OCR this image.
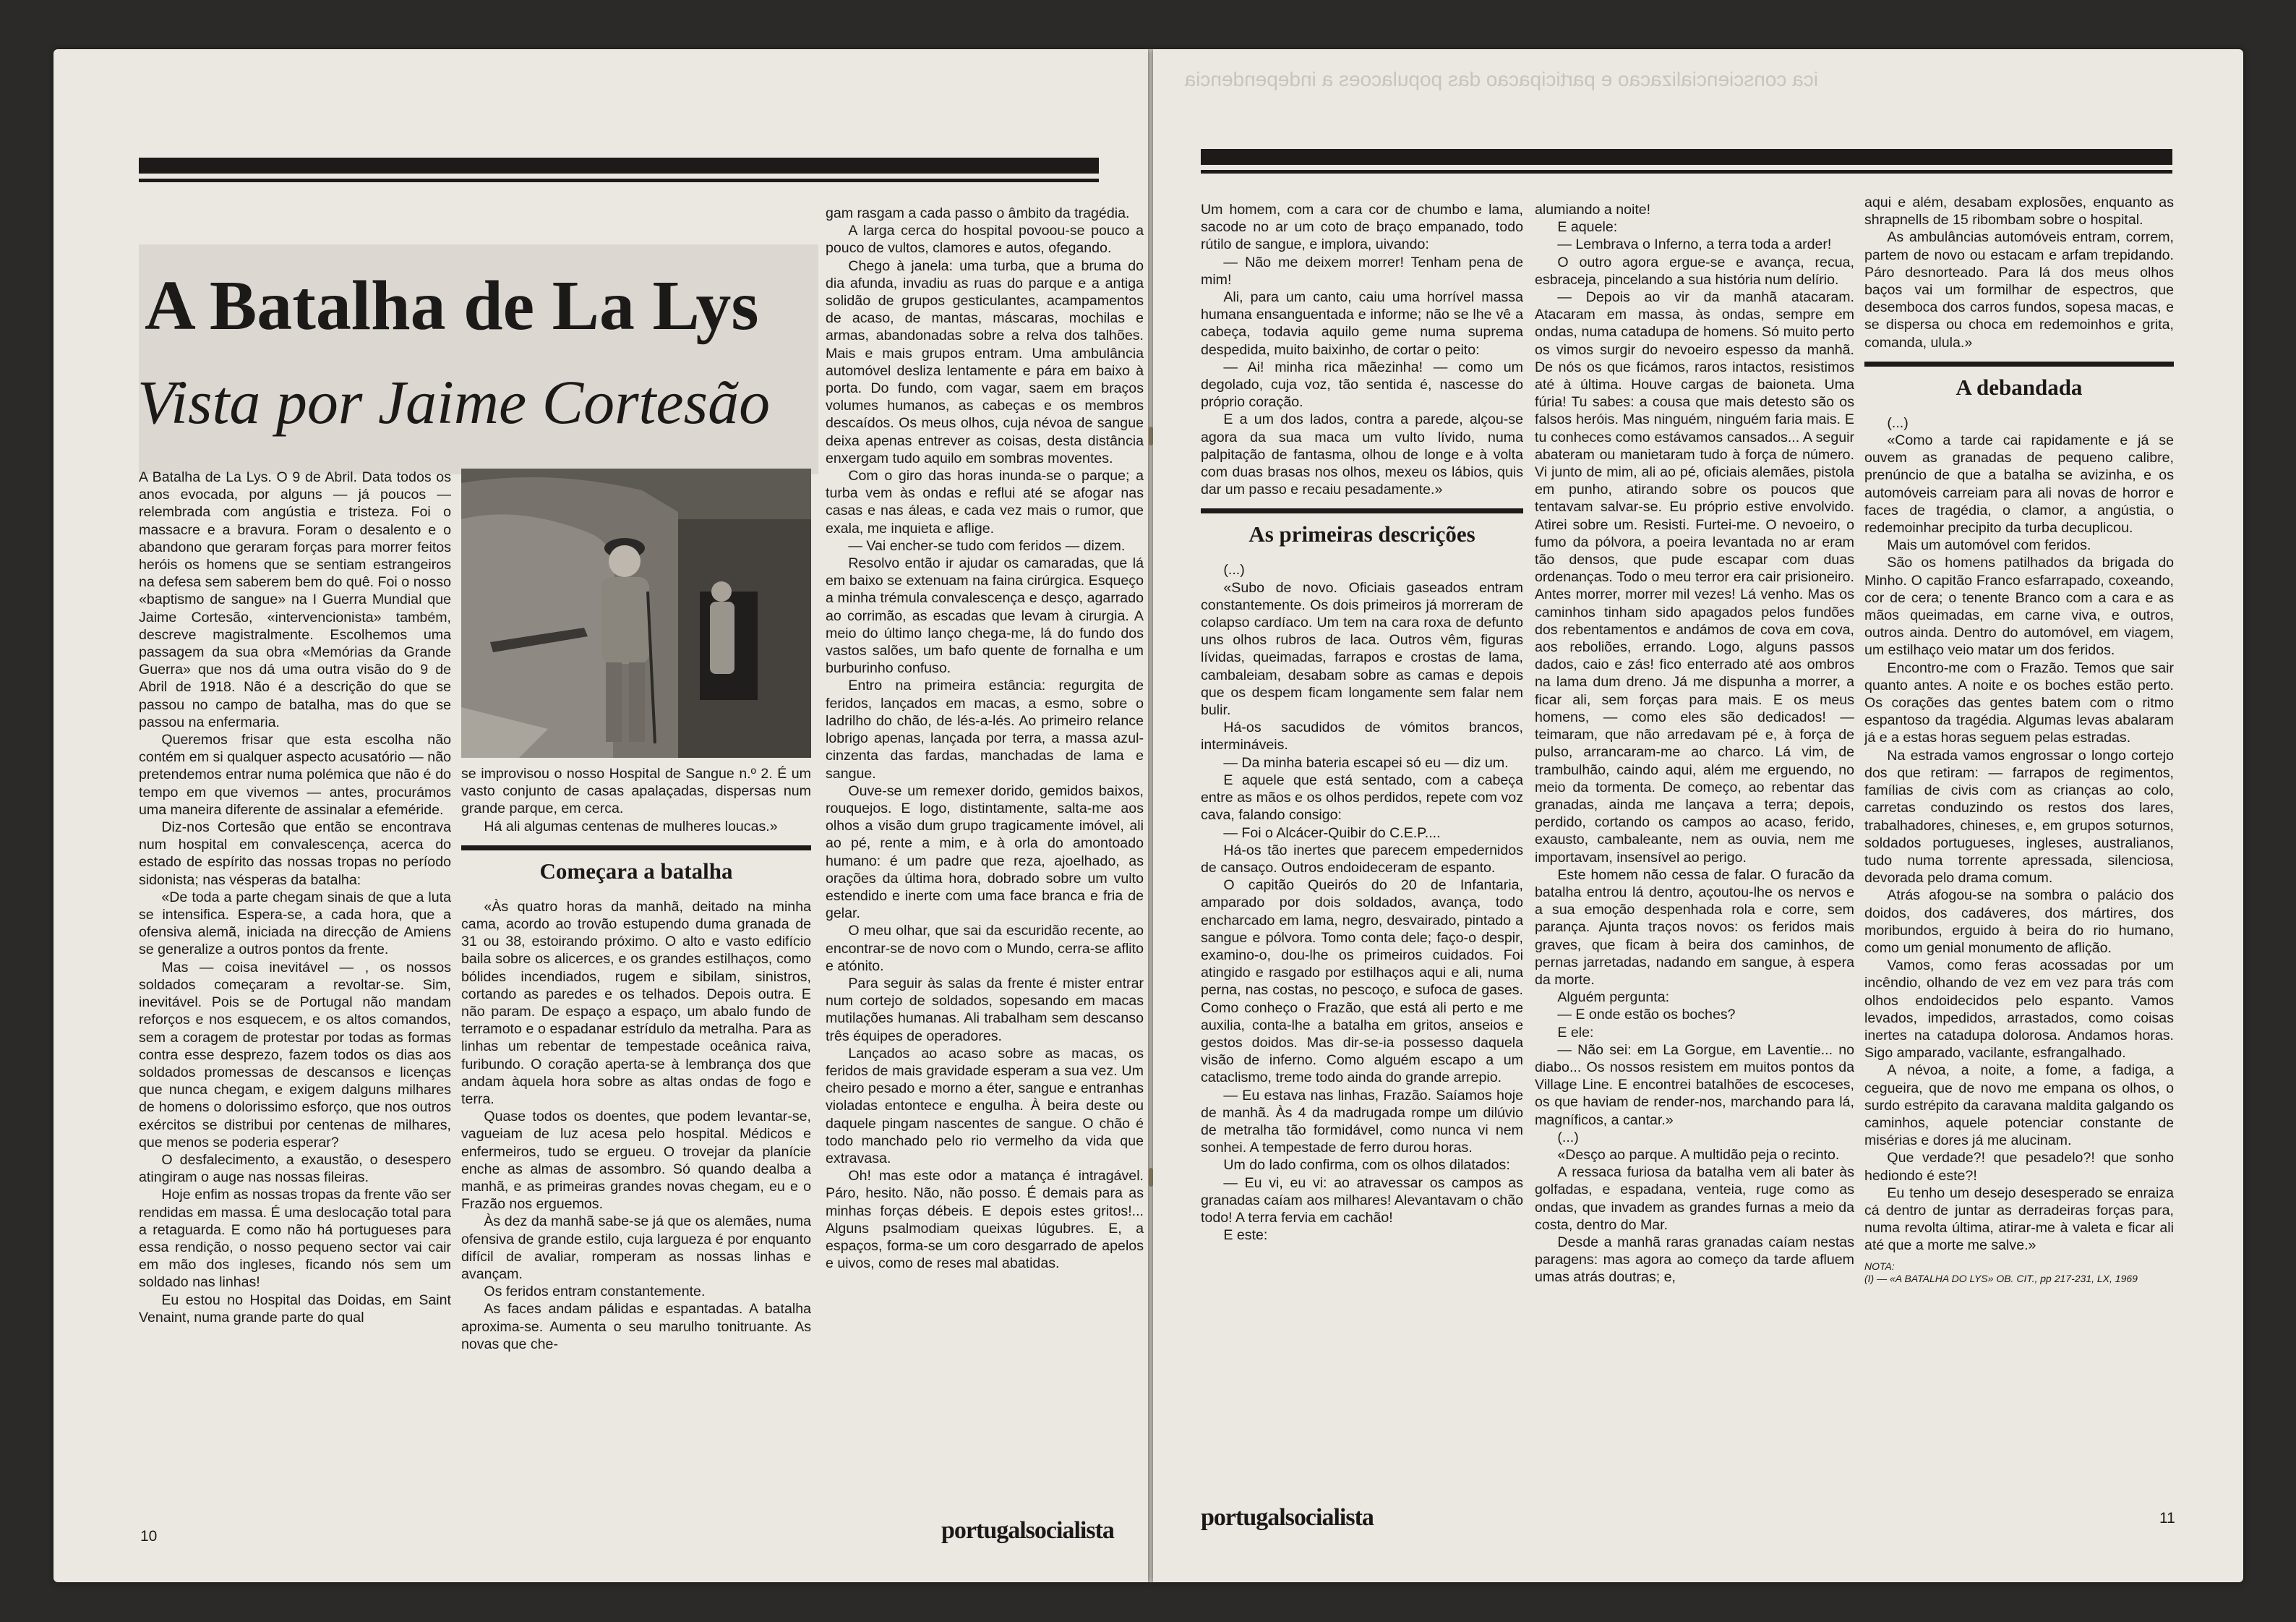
A Batalha de La Lys
Vista por Jaime Cortesão

A Batalha de La Lys. O 9 de Abril. Data todos os anos evocada, por alguns — já poucos — relembrada com angústia e tristeza. Foi o massacre e a bravura. Foram o desalento e o abandono que geraram forças para morrer feitos heróis os homens que se sentiam estrangeiros na defesa sem saberem bem do quê. Foi o nosso «baptismo de sangue» na I Guerra Mundial que Jaime Cortesão, «intervencionista» também, descreve magistralmente. Escolhemos uma passagem da sua obra «Memórias da Grande Guerra» que nos dá uma outra visão do 9 de Abril de 1918. Não é a descrição do que se passou no campo de batalha, mas do que se passou na enfermaria.

Queremos frisar que esta escolha não contém em si qualquer aspecto acusatório — não pretendemos entrar numa polémica que não é do tempo em que vivemos — antes, procurámos uma maneira diferente de assinalar a efeméride.

Diz-nos Cortesão que então se encontrava num hospital em convalescença, acerca do estado de espírito das nossas tropas no período sidonista; nas vésperas da batalha:

«De toda a parte chegam sinais de que a luta se intensifica. Espera-se, a cada hora, que a ofensiva alemã, iniciada na direcção de Amiens se generalize a outros pontos da frente.

Mas — coisa inevitável — , os nossos soldados começaram a revoltar-se. Sim, inevitável. Pois se de Portugal não mandam reforços e nos esquecem, e os altos comandos, sem a coragem de protestar por todas as formas contra esse desprezo, fazem todos os dias aos soldados promessas de descansos e licenças que nunca chegam, e exigem dalguns milhares de homens o dolorissimo esforço, que nos outros exércitos se distribui por centenas de milhares, que menos se poderia esperar?

O desfalecimento, a exaustão, o desespero atingiram o auge nas nossas fileiras.

Hoje enfim as nossas tropas da frente vão ser rendidas em massa. É uma deslocação total para a retaguarda. E como não há portugueses para essa rendição, o nosso pequeno sector vai cair em mão dos ingleses, ficando nós sem um soldado nas linhas!

Eu estou no Hospital das Doidas, em Saint Venaint, numa grande parte do qual

se improvisou o nosso Hospital de Sangue n.º 2. É um vasto conjunto de casas apalaçadas, dispersas num grande parque, em cerca.

Há ali algumas centenas de mulheres loucas.»

Começara a batalha

«Às quatro horas da manhã, deitado na minha cama, acordo ao trovão estupendo duma granada de 31 ou 38, estoirando próximo. O alto e vasto edifício baila sobre os alicerces, e os grandes estilhaços, como bólides incendiados, rugem e sibilam, sinistros, cortando as paredes e os telhados. Depois outra. E não param. De espaço a espaço, um abalo fundo de terramoto e o espadanar estrídulo da metralha. Para as linhas um rebentar de tempestade oceânica raiva, furibundo. O coração aperta-se à lembrança dos que andam àquela hora sobre as altas ondas de fogo e terra.

Quase todos os doentes, que podem levantar-se, vagueiam de luz acesa pelo hospital. Médicos e enfermeiros, tudo se ergueu. O trovejar da planície enche as almas de assombro. Só quando dealba a manhã, e as primeiras grandes novas chegam, eu e o Frazão nos erguemos.

Às dez da manhã sabe-se já que os alemães, numa ofensiva de grande estilo, cuja largueza é por enquanto difícil de avaliar, romperam as nossas linhas e avançam.

Os feridos entram constantemente.

As faces andam pálidas e espantadas. A batalha aproxima-se. Aumenta o seu marulho tonitruante. As novas que che-

gam rasgam a cada passo o âmbito da tragédia.

A larga cerca do hospital povoou-se pouco a pouco de vultos, clamores e autos, ofegando.

Chego à janela: uma turba, que a bruma do dia afunda, invadiu as ruas do parque e a antiga solidão de grupos gesticulantes, acampamentos de acaso, de mantas, máscaras, mochilas e armas, abandonadas sobre a relva dos talhões. Mais e mais grupos entram. Uma ambulância automóvel desliza lentamente e pára em baixo à porta. Do fundo, com vagar, saem em braços volumes humanos, as cabeças e os membros descaídos. Os meus olhos, cuja névoa de sangue deixa apenas entrever as coisas, desta distância enxergam tudo aquilo em sombras moventes.

Com o giro das horas inunda-se o parque; a turba vem às ondas e reflui até se afogar nas casas e nas áleas, e cada vez mais o rumor, que exala, me inquieta e aflige.

— Vai encher-se tudo com feridos — dizem.

Resolvo então ir ajudar os camaradas, que lá em baixo se extenuam na faina cirúrgica. Esqueço a minha trémula convalescença e desço, agarrado ao corrimão, as escadas que levam à cirurgia. A meio do último lanço chega-me, lá do fundo dos vastos salões, um bafo quente de fornalha e um burburinho confuso.

Entro na primeira estância: regurgita de feridos, lançados em macas, a esmo, sobre o ladrilho do chão, de lés-a-lés. Ao primeiro relance lobrigo apenas, lançada por terra, a massa azul-cinzenta das fardas, manchadas de lama e sangue.

Ouve-se um remexer dorido, gemidos baixos, rouquejos. E logo, distintamente, salta-me aos olhos a visão dum grupo tragicamente imóvel, ali ao pé, rente a mim, e à orla do amontoado humano: é um padre que reza, ajoelhado, as orações da última hora, dobrado sobre um vulto estendido e inerte com uma face branca e fria de gelar.

O meu olhar, que sai da escuridão recente, ao encontrar-se de novo com o Mundo, cerra-se aflito e atónito.

Para seguir às salas da frente é mister entrar num cortejo de soldados, sopesando em macas mutilações humanas. Ali trabalham sem descanso três équipes de operadores.

Lançados ao acaso sobre as macas, os feridos de mais gravidade esperam a sua vez. Um cheiro pesado e morno a éter, sangue e entranhas violadas entontece e engulha. À beira deste ou daquele pingam nascentes de sangue. O chão é todo manchado pelo rio vermelho da vida que extravasa.

Oh! mas este odor a matança é intragável. Páro, hesito. Não, não posso. É demais para as minhas forças débeis. E depois estes gritos!... Alguns psalmodiam queixas lúgubres. E, a espaços, forma-se um coro desgarrado de apelos e uivos, como de reses mal abatidas.

10	portugalsocialista
ica consciencializacao e participacao das populacoes a independencia

Um homem, com a cara cor de chumbo e lama, sacode no ar um coto de braço empanado, todo rútilo de sangue, e implora, uivando:

— Não me deixem morrer! Tenham pena de mim!

Ali, para um canto, caiu uma horrível massa humana ensanguentada e informe; não se lhe vê a cabeça, todavia aquilo geme numa suprema despedida, muito baixinho, de cortar o peito:

— Ai! minha rica mãezinha! — como um degolado, cuja voz, tão sentida é, nascesse do próprio coração.

E a um dos lados, contra a parede, alçou-se agora da sua maca um vulto lívido, numa palpitação de fantasma, olhou de longe e à volta com duas brasas nos olhos, mexeu os lábios, quis dar um passo e recaiu pesadamente.»

As primeiras descrições

(...)

«Subo de novo. Oficiais gaseados entram constantemente. Os dois primeiros já morreram de colapso cardíaco. Um tem na cara roxa de defunto uns olhos rubros de laca. Outros vêm, figuras lívidas, queimadas, farrapos e crostas de lama, cambaleiam, desabam sobre as camas e depois que os despem ficam longamente sem falar nem bulir.

Há-os sacudidos de vómitos brancos, intermináveis.

— Da minha bateria escapei só eu — diz um.

E aquele que está sentado, com a cabeça entre as mãos e os olhos perdidos, repete com voz cava, falando consigo:

— Foi o Alcácer-Quibir do C.E.P....

Há-os tão inertes que parecem empedernidos de cansaço. Outros endoideceram de espanto.

O capitão Queirós do 20 de Infantaria, amparado por dois soldados, avança, todo encharcado em lama, negro, desvairado, pintado a sangue e pólvora. Tomo conta dele; faço-o despir, examino-o, dou-lhe os primeiros cuidados. Foi atingido e rasgado por estilhaços aqui e ali, numa perna, nas costas, no pescoço, e sufoca de gases. Como conheço o Frazão, que está ali perto e me auxilia, conta-lhe a batalha em gritos, anseios e gestos doidos. Mas dir-se-ia possesso daquela visão de inferno. Como alguém escapo a um cataclismo, treme todo ainda do grande arrepio.

— Eu estava nas linhas, Frazão. Saíamos hoje de manhã. Às 4 da madrugada rompe um dilúvio de metralha tão formidável, como nunca vi nem sonhei. A tempestade de ferro durou horas.

Um do lado confirma, com os olhos dilatados:

— Eu vi, eu vi: ao atravessar os campos as granadas caíam aos milhares! Alevantavam o chão todo! A terra fervia em cachão!

E este:

alumiando a noite!

E aquele:

— Lembrava o Inferno, a terra toda a arder!

O outro agora ergue-se e avança, recua, esbraceja, pincelando a sua história num delírio.

— Depois ao vir da manhã atacaram. Atacaram em massa, às ondas, sempre em ondas, numa catadupa de homens. Só muito perto os vimos surgir do nevoeiro espesso da manhã. De nós os que ficámos, raros intactos, resistimos até à última. Houve cargas de baioneta. Uma fúria! Tu sabes: a cousa que mais detesto são os falsos heróis. Mas ninguém, ninguém faria mais. E tu conheces como estávamos cansados... A seguir abateram ou manietaram tudo à força de número. Vi junto de mim, ali ao pé, oficiais alemães, pistola em punho, atirando sobre os poucos que tentavam salvar-se. Eu próprio estive envolvido. Atirei sobre um. Resisti. Furtei-me. O nevoeiro, o fumo da pólvora, a poeira levantada no ar eram tão densos, que pude escapar com duas ordenanças. Todo o meu terror era cair prisioneiro. Antes morrer, morrer mil vezes! Lá venho. Mas os caminhos tinham sido apagados pelos fundões dos rebentamentos e andámos de cova em cova, aos reboliões, errando. Logo, alguns passos dados, caio e zás! fico enterrado até aos ombros na lama dum dreno. Já me dispunha a morrer, a ficar ali, sem forças para mais. E os meus homens, — como eles são dedicados! — teimaram, que não arredavam pé e, à força de pulso, arrancaram-me ao charco. Lá vim, de trambulhão, caindo aqui, além me erguendo, no meio da tormenta. De começo, ao rebentar das granadas, ainda me lançava a terra; depois, perdido, cortando os campos ao acaso, ferido, exausto, cambaleante, nem as ouvia, nem me importavam, insensível ao perigo.

Este homem não cessa de falar. O furacão da batalha entrou lá dentro, açoutou-lhe os nervos e a sua emoção despenhada rola e corre, sem parança. Ajunta traços novos: os feridos mais graves, que ficam à beira dos caminhos, de pernas jarretadas, nadando em sangue, à espera da morte.

Alguém pergunta:

— E onde estão os boches?

E ele:

— Não sei: em La Gorgue, em Laventie... no diabo... Os nossos resistem em muitos pontos da Village Line. E encontrei batalhões de escoceses, os que haviam de render-nos, marchando para lá, magníficos, a cantar.»

(...)

«Desço ao parque. A multidão peja o recinto.

A ressaca furiosa da batalha vem ali bater às golfadas, e espadana, venteia, ruge como as ondas, que invadem as grandes furnas a meio da costa, dentro do Mar.

Desde a manhã raras granadas caíam nestas paragens: mas agora ao começo da tarde afluem umas atrás doutras; e,

aqui e além, desabam explosões, enquanto as shrapnells de 15 ribombam sobre o hospital.

As ambulâncias automóveis entram, correm, partem de novo ou estacam e arfam trepidando. Páro desnorteado. Para lá dos meus olhos baços vai um formilhar de espectros, que desemboca dos carros fundos, sopesa macas, e se dispersa ou choca em redemoinhos e grita, comanda, ulula.»

A debandada

(...)

«Como a tarde cai rapidamente e já se ouvem as granadas de pequeno calibre, prenúncio de que a batalha se avizinha, e os automóveis carreiam para ali novas de horror e faces de tragédia, o clamor, a angústia, o redemoinhar precipito da turba decuplicou.

Mais um automóvel com feridos.

São os homens patilhados da brigada do Minho. O capitão Franco esfarrapado, coxeando, cor de cera; o tenente Branco com a cara e as mãos queimadas, em carne viva, e outros, outros ainda. Dentro do automóvel, em viagem, um estilhaço veio matar um dos feridos.

Encontro-me com o Frazão. Temos que sair quanto antes. A noite e os boches estão perto. Os corações das gentes batem com o ritmo espantoso da tragédia. Algumas levas abalaram já e a estas horas seguem pelas estradas.

Na estrada vamos engrossar o longo cortejo dos que retiram: — farrapos de regimentos, famílias de civis com as crianças ao colo, carretas conduzindo os restos dos lares, trabalhadores, chineses, e, em grupos soturnos, soldados portugueses, ingleses, australianos, tudo numa torrente apressada, silenciosa, devorada pelo drama comum.

Atrás afogou-se na sombra o palácio dos doidos, dos cadáveres, dos mártires, dos moribundos, erguido à beira do rio humano, como um genial monumento de aflição.

Vamos, como feras acossadas por um incêndio, olhando de vez em vez para trás com olhos endoidecidos pelo espanto. Vamos levados, impedidos, arrastados, como coisas inertes na catadupa dolorosa. Andamos horas. Sigo amparado, vacilante, esfrangalhado.

A névoa, a noite, a fome, a fadiga, a cegueira, que de novo me empana os olhos, o surdo estrépito da caravana maldita galgando os caminhos, aquele potenciar constante de misérias e dores já me alucinam.

Que verdade?! que pesadelo?! que sonho hediondo é este?!

Eu tenho um desejo desesperado se enraiza cá dentro de juntar as derradeiras forças para, numa revolta última, atirar-me à valeta e ficar ali até que a morte me salve.»

NOTA:

(I) — «A BATALHA DO LYS» OB. CIT., pp 217-231, LX, 1969

portugalsocialista	11
